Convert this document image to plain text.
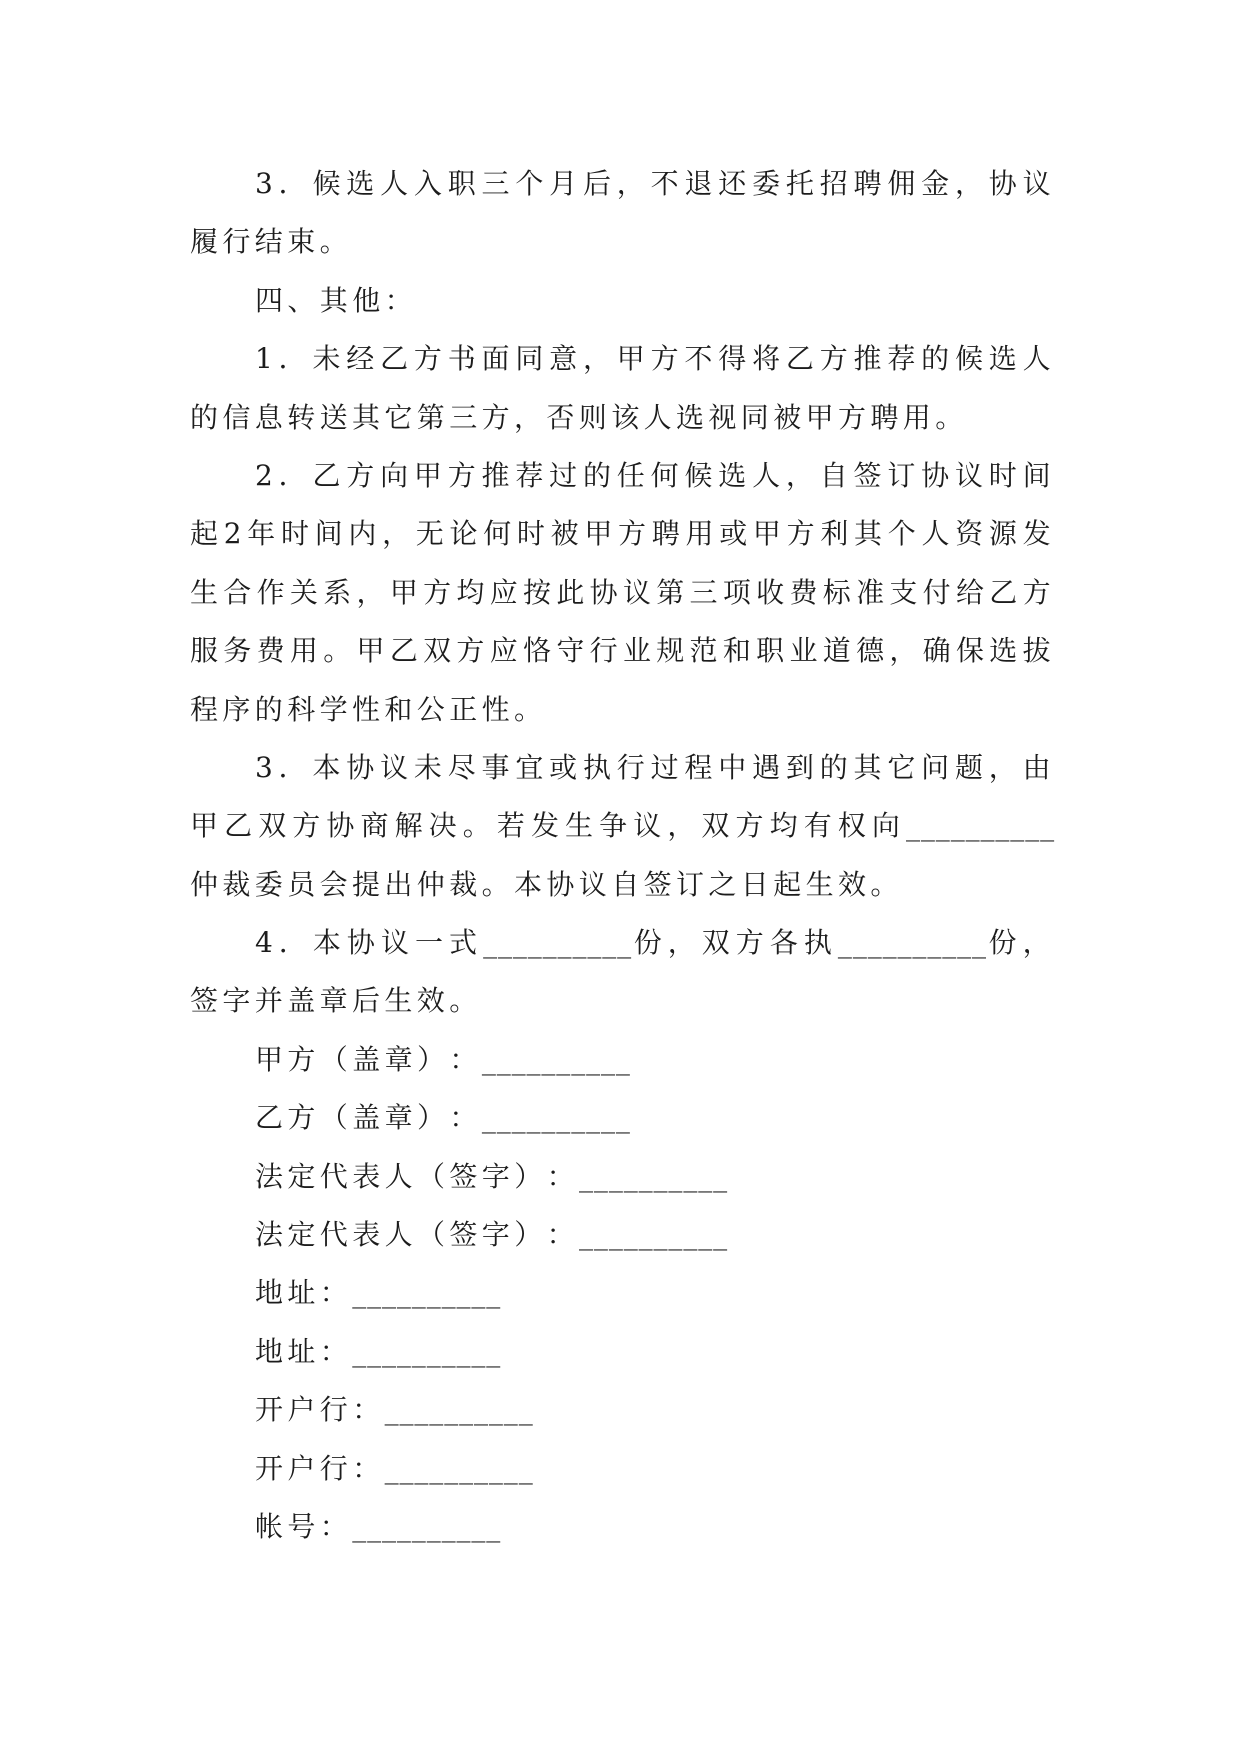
3．候选人入职三个月后，不退还委托招聘佣金，协议
履行结束。
四、其他：
1．未经乙方书面同意，甲方不得将乙方推荐的候选人
的信息转送其它第三方，否则该人选视同被甲方聘用。
2．乙方向甲方推荐过的任何候选人，自签订协议时间
起2年时间内，无论何时被甲方聘用或甲方利其个人资源发
生合作关系，甲方均应按此协议第三项收费标准支付给乙方
服务费用。甲乙双方应恪守行业规范和职业道德，确保选拔
程序的科学性和公正性。
3．本协议未尽事宜或执行过程中遇到的其它问题，由
甲乙双方协商解决。若发生争议，双方均有权向__________
仲裁委员会提出仲裁。本协议自签订之日起生效。
4．本协议一式__________份，双方各执__________份，
签字并盖章后生效。
甲方（盖章）：__________
乙方（盖章）：__________
法定代表人（签字）：__________
法定代表人（签字）：__________
地址：__________
地址：__________
开户行：__________
开户行：__________
帐号：__________
